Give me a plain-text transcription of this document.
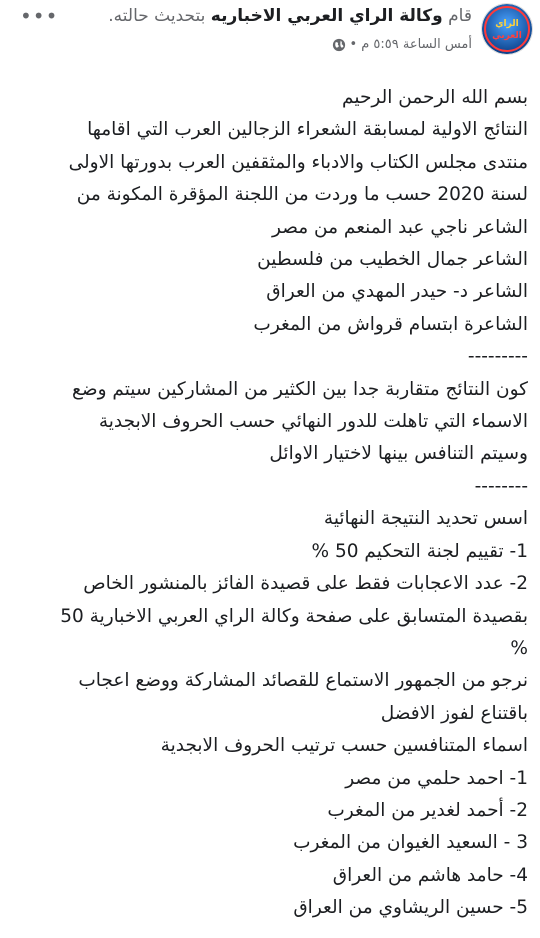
الراي
العربي
قام وكالة الراي العربي الاخباريه بتحديث حالته.
أمس الساعة ٥:٥٩ م
•
•••

بسم الله الرحمن الرحيم

النتائج الاولية لمسابقة الشعراء الزجالين العرب التي اقامها

منتدى مجلس الكتاب والادباء والمثقفين العرب بدورتها الاولى

لسنة 2020 حسب ما وردت من اللجنة المؤقرة المكونة من

الشاعر ناجي عبد المنعم من مصر

الشاعر جمال الخطيب من فلسطين

الشاعر د- حيدر المهدي من العراق

الشاعرة ابتسام قرواش من المغرب

---------

كون النتائج متقاربة جدا بين الكثير من المشاركين سيتم وضع

الاسماء التي تاهلت للدور النهائي حسب الحروف الابجدية

وسيتم التنافس بينها لاختيار الاوائل

--------

اسس تحديد النتيجة النهائية

1- تقييم لجنة التحكيم 50 %

2- عدد الاعجابات فقط على قصيدة الفائز بالمنشور الخاص

بقصيدة المتسابق على صفحة وكالة الراي العربي الاخبارية 50

%

نرجو من الجمهور الاستماع للقصائد المشاركة ووضع اعجاب

باقتناع لفوز الافضل

اسماء المتنافسين حسب ترتيب الحروف الابجدية

1- احمد حلمي من مصر

2- أحمد لغدير من المغرب

3 - السعيد الغيوان من المغرب

4- حامد هاشم من العراق

5- حسين الريشاوي من العراق
